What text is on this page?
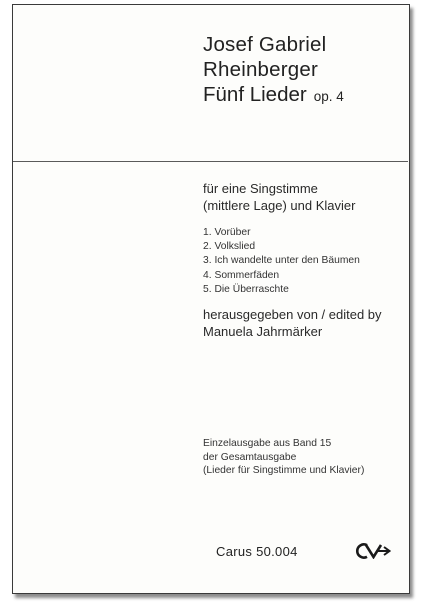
Josef Gabriel
Rheinberger
Fünf Lieder op. 4
für eine Singstimme
(mittlere Lage) und Klavier
1. Vorüber
2. Volkslied
3. Ich wandelte unter den Bäumen
4. Sommerfäden
5. Die Überraschte
herausgegeben von / edited by
Manuela Jahrmärker
Einzelausgabe aus Band 15
der Gesamtausgabe
(Lieder für Singstimme und Klavier)
Carus 50.004
